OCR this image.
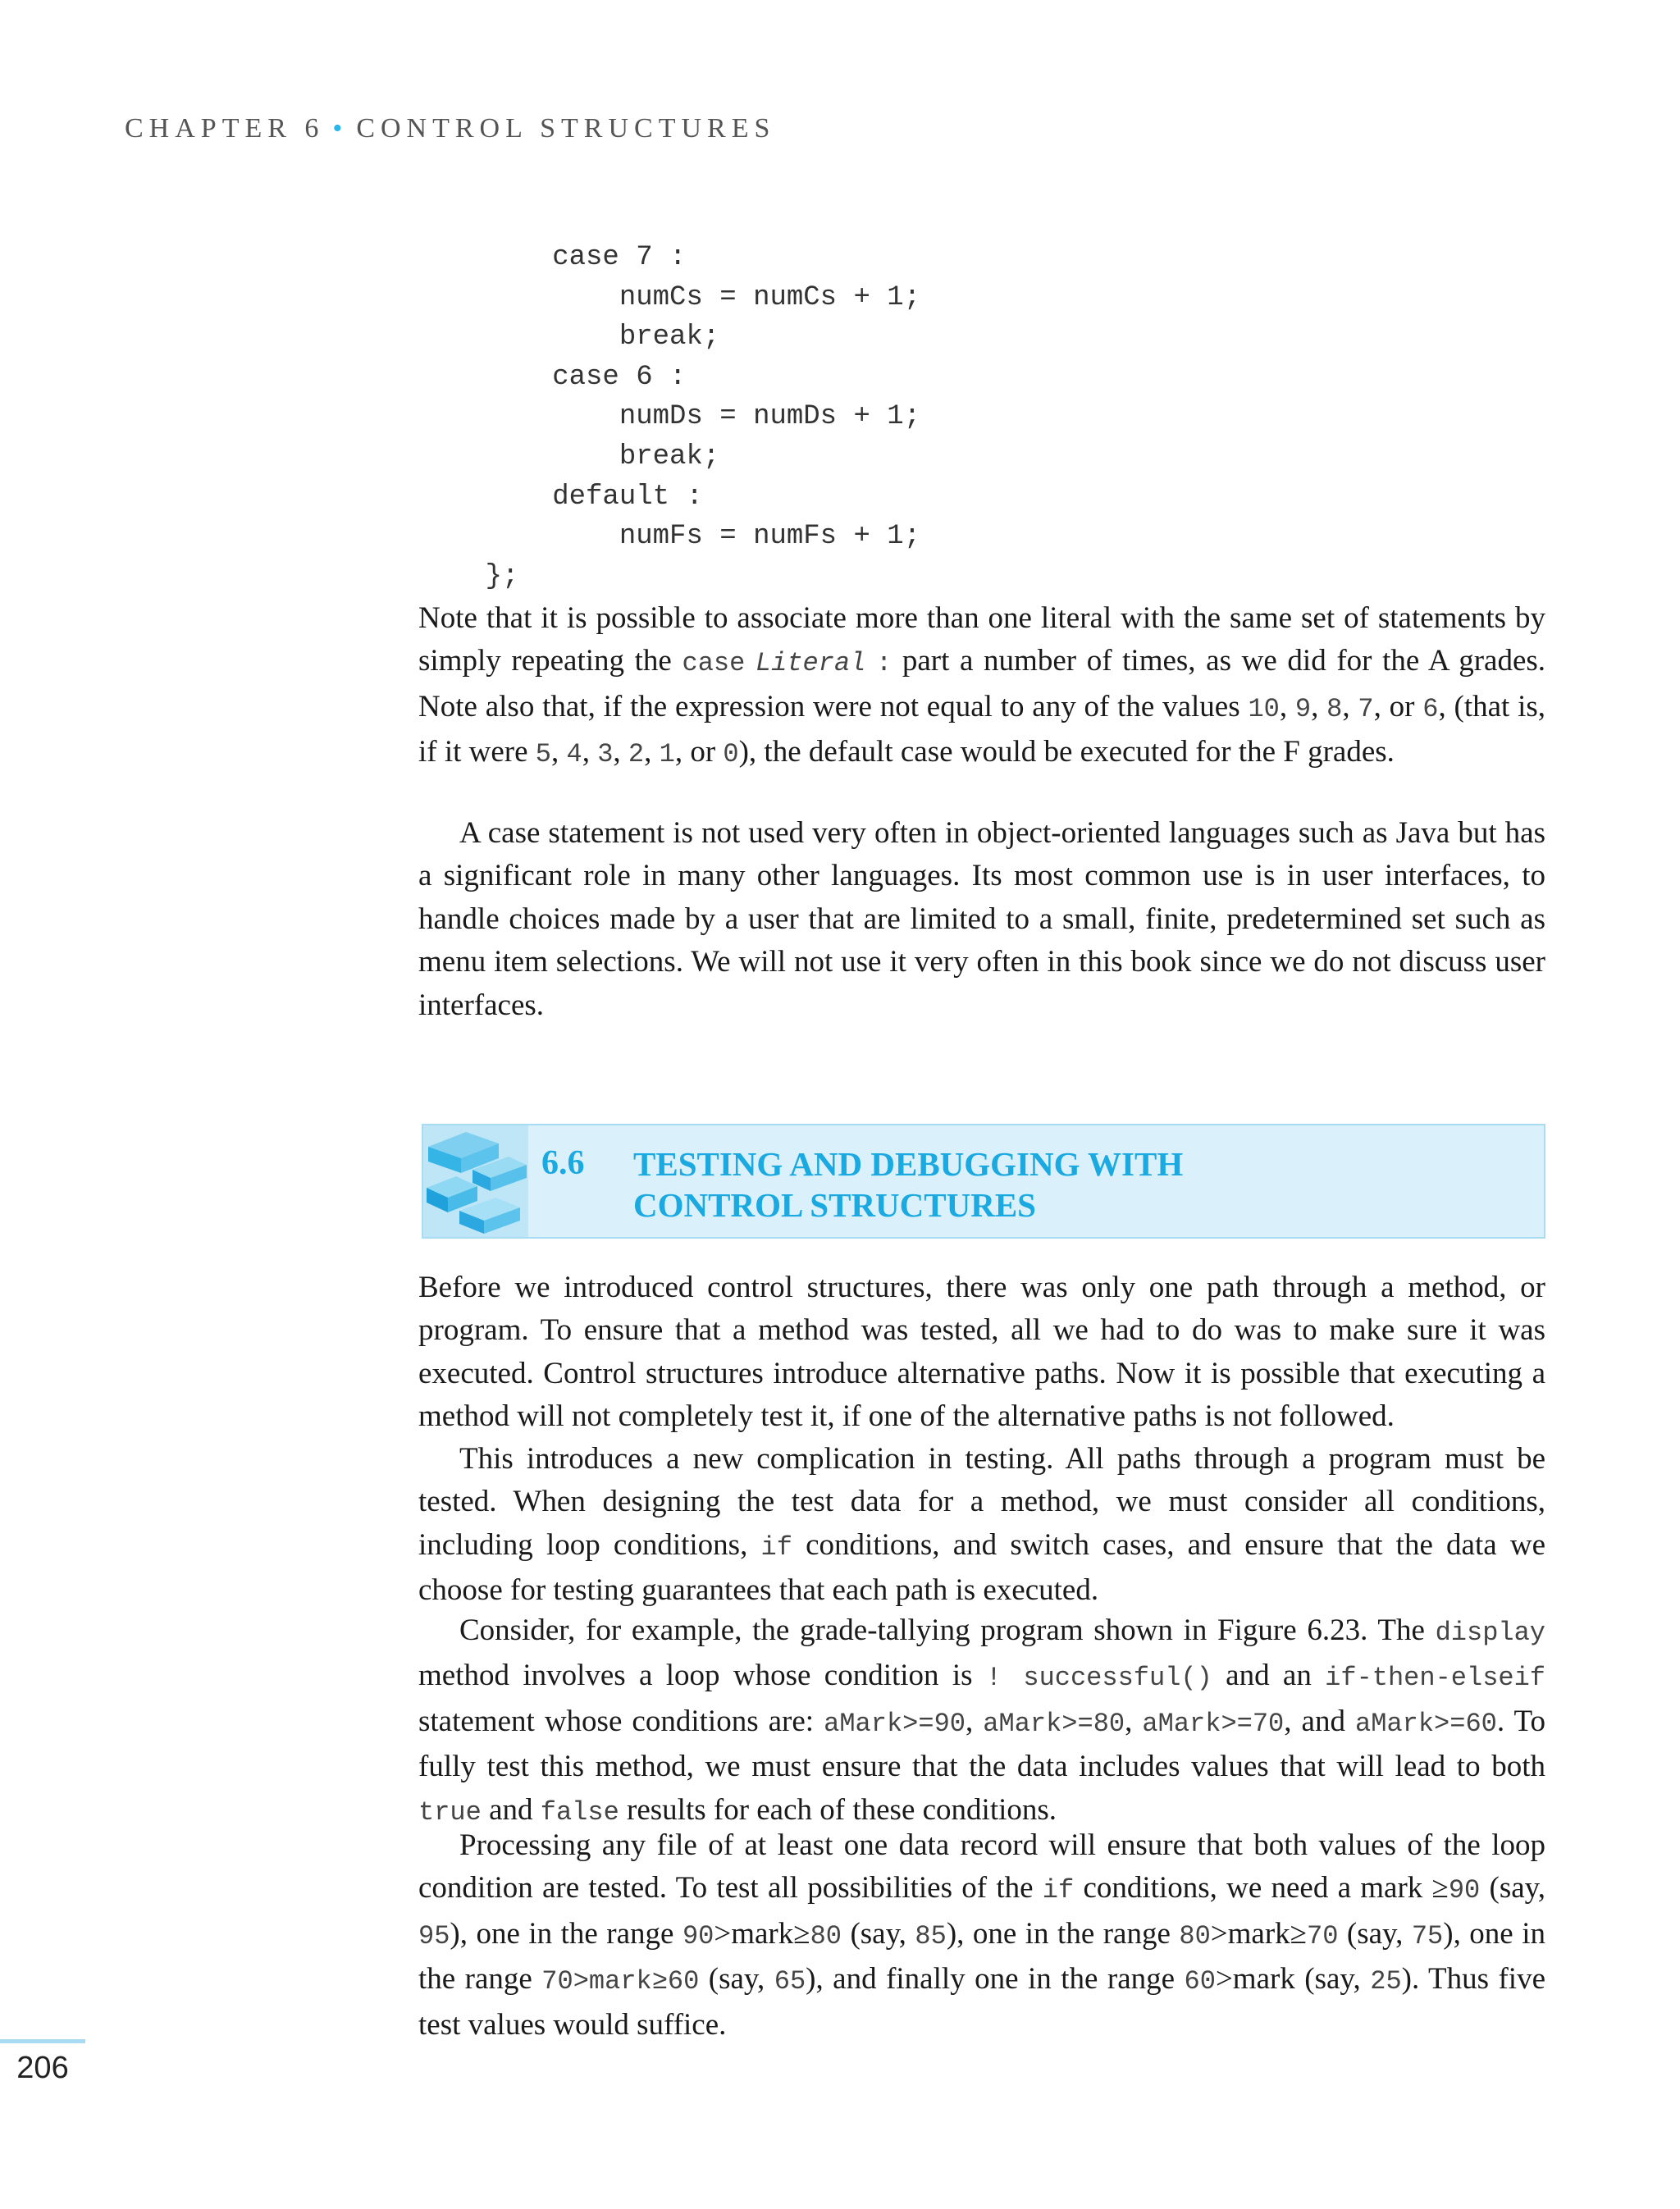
CHAPTER 6 • CONTROL STRUCTURES
case 7 :
numCs = numCs + 1;
break;
case 6 :
numDs = numDs + 1;
break;
default :
numFs = numFs + 1;
};

Note that it is possible to associate more than one literal with the same set of statements by simply repeating the case Literal : part a number of times, as we did for the A grades. Note also that, if the expression were not equal to any of the values 10, 9, 8, 7, or 6, (that is, if it were 5, 4, 3, 2, 1, or 0), the default case would be executed for the F grades.

A case statement is not used very often in object-oriented languages such as Java but has a significant role in many other languages. Its most common use is in user interfaces, to handle choices made by a user that are limited to a small, finite, predetermined set such as menu item selections. We will not use it very often in this book since we do not discuss user interfaces.

6.6 TESTING AND DEBUGGING WITH
CONTROL STRUCTURES

Before we introduced control structures, there was only one path through a method, or program. To ensure that a method was tested, all we had to do was to make sure it was executed. Control structures introduce alternative paths. Now it is possible that executing a method will not completely test it, if one of the alternative paths is not followed.

This introduces a new complication in testing. All paths through a program must be tested. When designing the test data for a method, we must consider all conditions, including loop conditions, if conditions, and switch cases, and ensure that the data we choose for testing guarantees that each path is executed.

Consider, for example, the grade-tallying program shown in Figure 6.23. The display method involves a loop whose condition is ! successful() and an if-then-elseif statement whose conditions are: aMark>=90, aMark>=80, aMark>=70, and aMark>=60. To fully test this method, we must ensure that the data includes values that will lead to both true and false results for each of these conditions.

Processing any file of at least one data record will ensure that both values of the loop condition are tested. To test all possibilities of the if conditions, we need a mark ≥90 (say, 95), one in the range 90>mark≥80 (say, 85), one in the range 80>mark≥70 (say, 75), one in the range 70>mark≥60 (say, 65), and finally one in the range 60>mark (say, 25). Thus five test values would suffice.

206
